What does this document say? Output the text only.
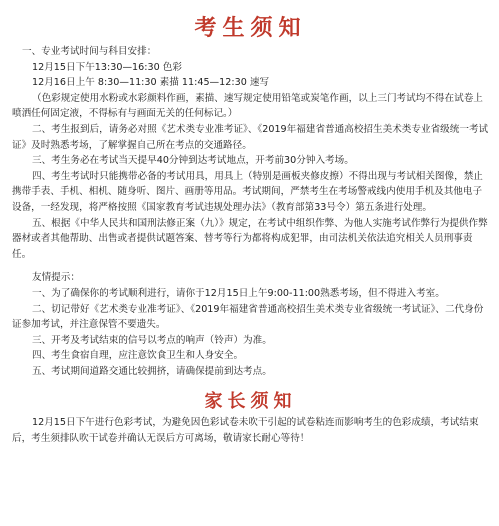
考生须知
一、专业考试时间与科目安排：
12月15日下午13:30—16:30 色彩
12月16日上午 8:30—11:30 素描 11:45—12:30 速写
（色彩规定使用水粉或水彩颜料作画，素描、速写规定使用铅笔或炭笔作画，以上三门考试均不得在试卷上喷洒任何固定液，不得标有与画面无关的任何标记。）
二、考生报到后，请务必对照《艺术类专业准考证》、《2019年福建省普通高校招生美术类专业省级统一考试证》及时熟悉考场，了解掌握自己所在考点的交通路径。
三、考生务必在考试当天提早40分钟到达考试地点，开考前30分钟入考场。
四、考生考试时只能携带必备的考试用具，用具上（特别是画板夹修皮擦）不得出现与考试相关图像，禁止携带手表、手机、相机、随身听、图片、画册等用品。考试期间，严禁考生在考场警戒线内使用手机及其他电子设备，一经发现，将严格按照《国家教育考试违规处理办法》（教育部第33号令）第五条进行处理。
五、根据《中华人民共和国刑法修正案（九）》规定，在考试中组织作弊、为他人实施考试作弊行为提供作弊器材或者其他帮助、出售或者提供试题答案、替考等行为都将构成犯罪，由司法机关依法追究相关人员刑事责任。
友情提示：
一、为了确保你的考试顺利进行，请你于12月15日上午9:00-11:00熟悉考场，但不得进入考室。
二、切记带好《艺术类专业准考证》、《2019年福建省普通高校招生美术类专业省级统一考试证》、二代身份证参加考试，并注意保管不要遗失。
三、开考及考试结束的信号以考点的响声（铃声）为准。
四、考生食宿自理，应注意饮食卫生和人身安全。
五、考试期间道路交通比较拥挤，请确保提前到达考点。
家长须知
12月15日下午进行色彩考试，为避免因色彩试卷未吹干引起的试卷粘连而影响考生的色彩成绩，考试结束后，考生须排队吹干试卷并确认无误后方可离场，敬请家长耐心等待！
